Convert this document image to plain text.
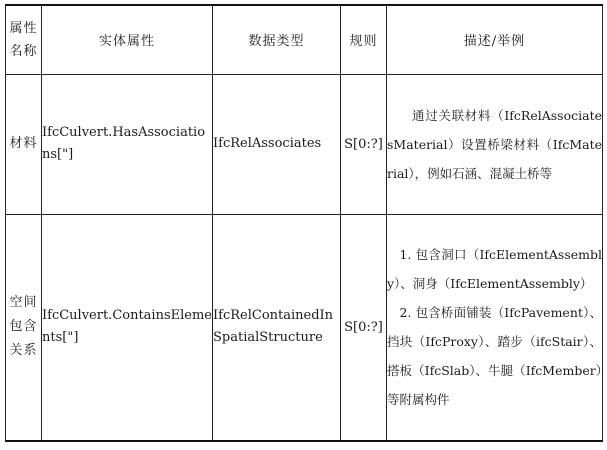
属性名称	实体属性	数据类型	规则	描述/举例
材料	IfcCulvert.HasAssociations["]	IfcRelAssociates	S[0:?]	通过关联材料（IfcRelAssociatesMaterial）设置桥梁材料（IfcMaterial），例如石涵、混凝土桥等

空间包含关系	IfcCulvert.ContainsElements["]	IfcRelContainedInSpatialStructure	S[0:?]	1. 包含洞口（IfcElementAssembly）、洞身（IfcElementAssembly）

2. 包含桥面铺装（IfcPavement）、挡块（IfcProxy）、踏步（ifcStair）、搭板（IfcSlab）、牛腿（IfcMember）等附属构件
